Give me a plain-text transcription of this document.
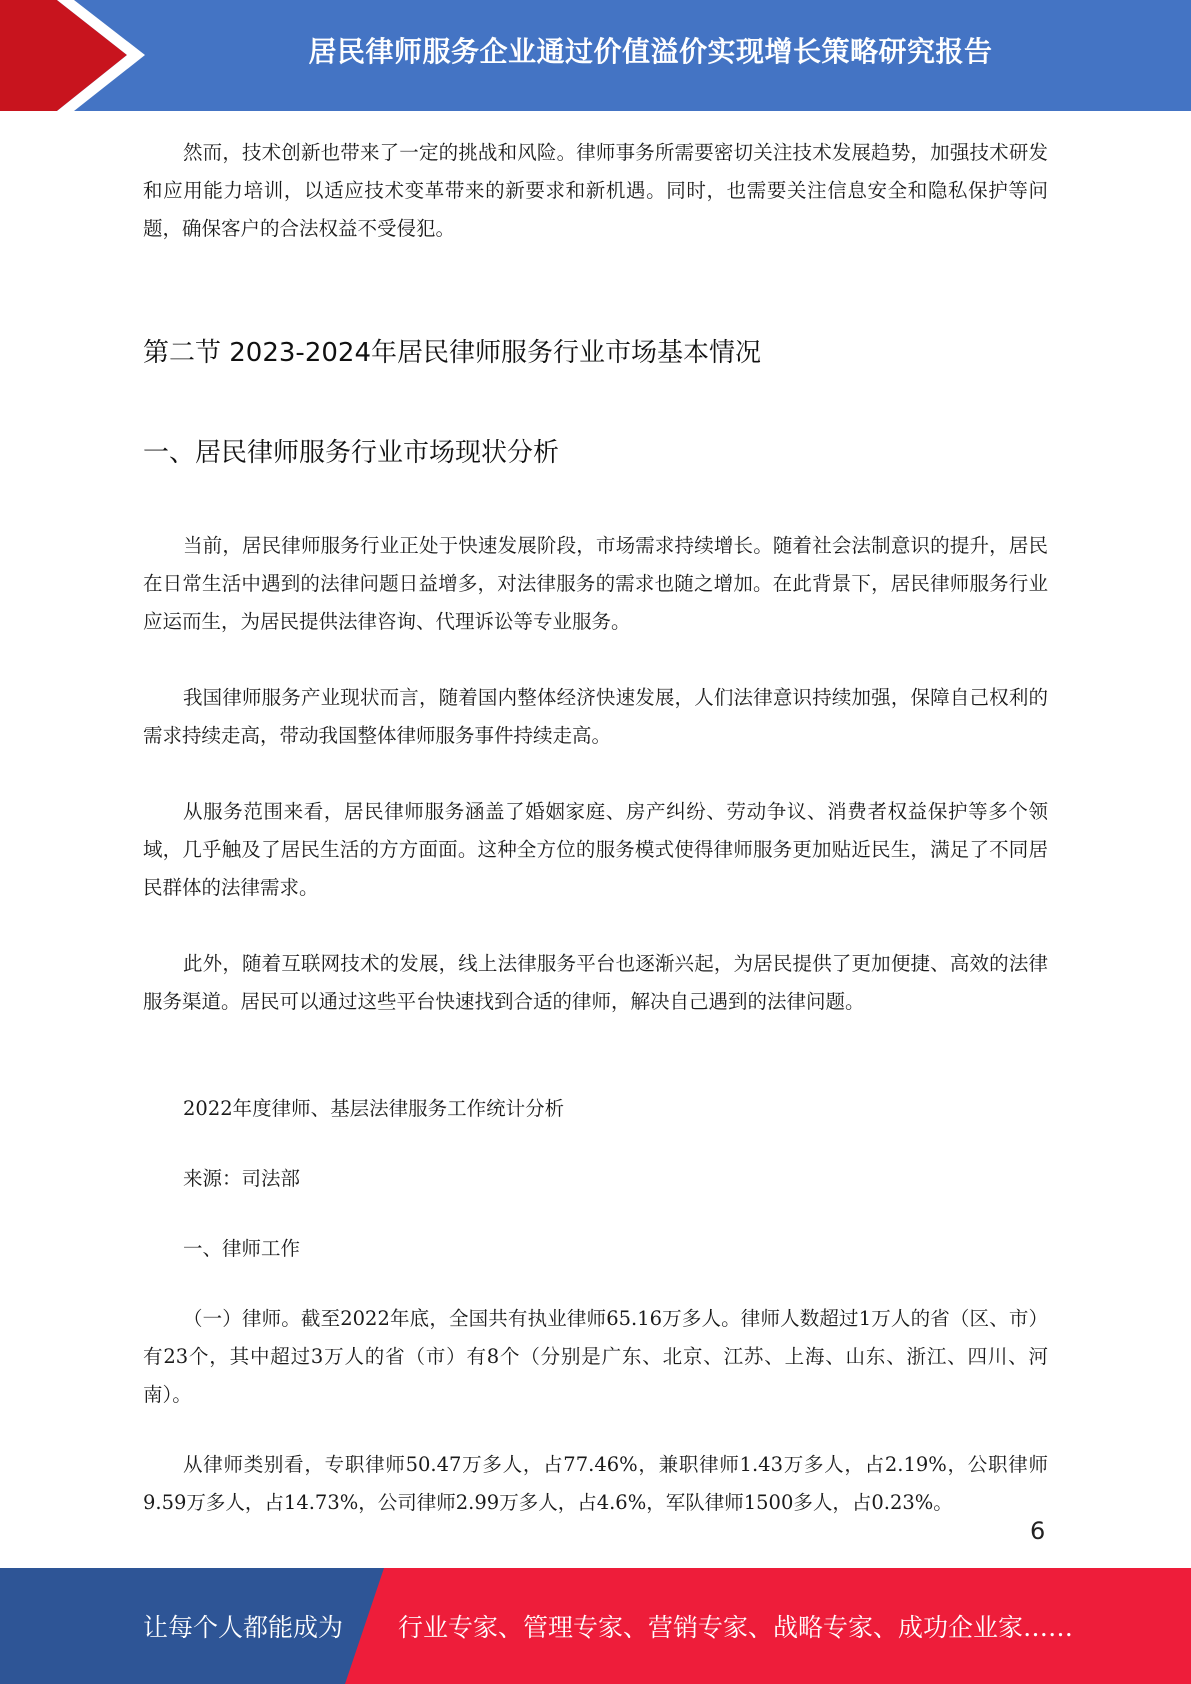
居民律师服务企业通过价值溢价实现增长策略研究报告

然而，技术创新也带来了一定的挑战和风险。律师事务所需要密切关注技术发展趋势，加强技术研发和应用能力培训，以适应技术变革带来的新要求和新机遇。同时，也需要关注信息安全和隐私保护等问题，确保客户的合法权益不受侵犯。

第二节 2023-2024年居民律师服务行业市场基本情况
一、居民律师服务行业市场现状分析

当前，居民律师服务行业正处于快速发展阶段，市场需求持续增长。随着社会法制意识的提升，居民在日常生活中遇到的法律问题日益增多，对法律服务的需求也随之增加。在此背景下，居民律师服务行业应运而生，为居民提供法律咨询、代理诉讼等专业服务。

我国律师服务产业现状而言，随着国内整体经济快速发展，人们法律意识持续加强，保障自己权利的需求持续走高，带动我国整体律师服务事件持续走高。

从服务范围来看，居民律师服务涵盖了婚姻家庭、房产纠纷、劳动争议、消费者权益保护等多个领域，几乎触及了居民生活的方方面面。这种全方位的服务模式使得律师服务更加贴近民生，满足了不同居民群体的法律需求。

此外，随着互联网技术的发展，线上法律服务平台也逐渐兴起，为居民提供了更加便捷、高效的法律服务渠道。居民可以通过这些平台快速找到合适的律师，解决自己遇到的法律问题。

2022年度律师、基层法律服务工作统计分析

来源：司法部

一、律师工作

（一）律师。截至2022年底，全国共有执业律师65.16万多人。律师人数超过1万人的省（区、市）有23个，其中超过3万人的省（市）有8个（分别是广东、北京、江苏、上海、山东、浙江、四川、河南）。

从律师类别看，专职律师50.47万多人，占77.46%，兼职律师1.43万多人，占2.19%，公职律师9.59万多人，占14.73%，公司律师2.99万多人，占4.6%，军队律师1500多人，占0.23%。

6
让每个人都能成为 行业专家、管理专家、营销专家、战略专家、成功企业家……
